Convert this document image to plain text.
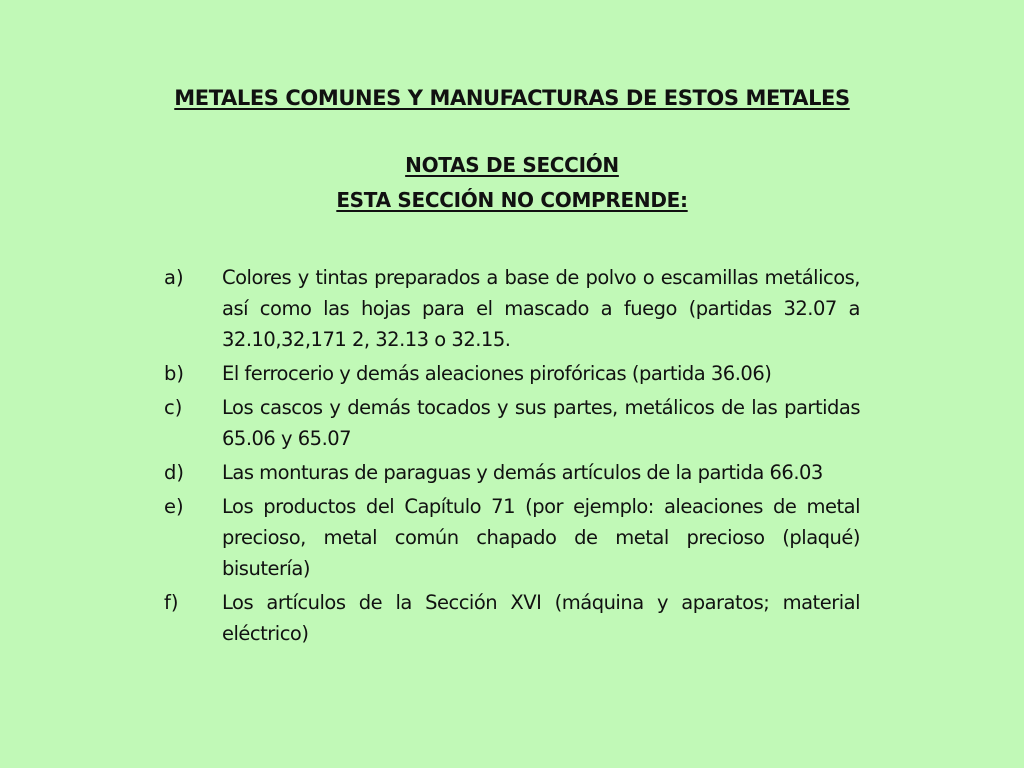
METALES COMUNES Y MANUFACTURAS DE ESTOS METALES
NOTAS DE SECCIÓN
ESTA SECCIÓN NO COMPRENDE:
a)	Colores y tintas preparados a base de polvo o escamillas metálicos, así como las hojas para el mascado a fuego (partidas 32.07 a 32.10,32,171 2, 32.13 o 32.15.
b)	El ferrocerio y demás aleaciones pirofóricas (partida 36.06)
c)	Los cascos y demás tocados y sus partes, metálicos de las partidas 65.06 y 65.07
d)	Las monturas de paraguas y demás artículos de la partida 66.03
e)	Los productos del Capítulo 71 (por ejemplo: aleaciones de metal precioso, metal común chapado de metal precioso (plaqué) bisutería)
f)	Los artículos de la Sección XVI (máquina y aparatos; material eléctrico)
